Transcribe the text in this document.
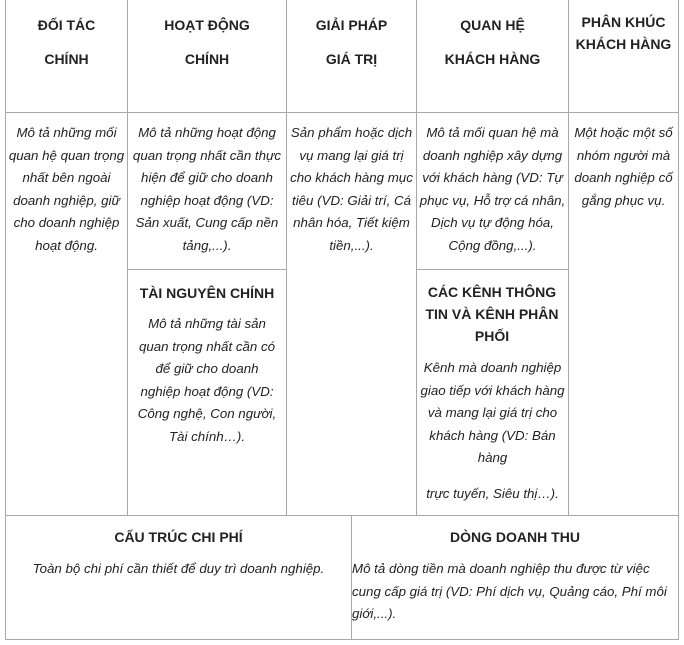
ĐỐI TÁC
CHÍNH
Mô tả những mối quan hệ quan trọng nhất bên ngoài doanh nghiệp, giữ cho doanh nghiệp hoạt động.
HOẠT ĐỘNG
CHÍNH
Mô tả những hoạt động quan trọng nhất cần thực hiện để giữ cho doanh nghiệp hoạt động (VD: Sản xuất, Cung cấp nền tảng,...).
TÀI NGUYÊN CHÍNH
Mô tả những tài sản quan trọng nhất cần có để giữ cho doanh nghiệp hoạt động (VD: Công nghệ, Con người, Tài chính…).
GIẢI PHÁP
GIÁ TRỊ
Sản phẩm hoặc dịch vụ mang lại giá trị cho khách hàng mục tiêu (VD: Giải trí, Cá nhân hóa, Tiết kiệm tiền,...).
QUAN HỆ
KHÁCH HÀNG
Mô tả mối quan hệ mà doanh nghiệp xây dựng với khách hàng (VD: Tự phục vụ, Hỗ trợ cá nhân, Dịch vụ tự động hóa, Cộng đồng,...).
CÁC KÊNH THÔNG TIN VÀ KÊNH PHÂN PHỐI
Kênh mà doanh nghiệp giao tiếp với khách hàng và mang lại giá trị cho khách hàng (VD: Bán hàng
trực tuyến, Siêu thị…).
PHÂN KHÚC
KHÁCH HÀNG
Một hoặc một số nhóm người mà doanh nghiệp cố gắng phục vụ.
CẤU TRÚC CHI PHÍ
Toàn bộ chi phí cần thiết để duy trì doanh nghiệp.
DÒNG DOANH THU
Mô tả dòng tiền mà doanh nghiệp thu được từ việc cung cấp giá trị (VD: Phí dịch vụ, Quảng cáo, Phí môi giới,...).
